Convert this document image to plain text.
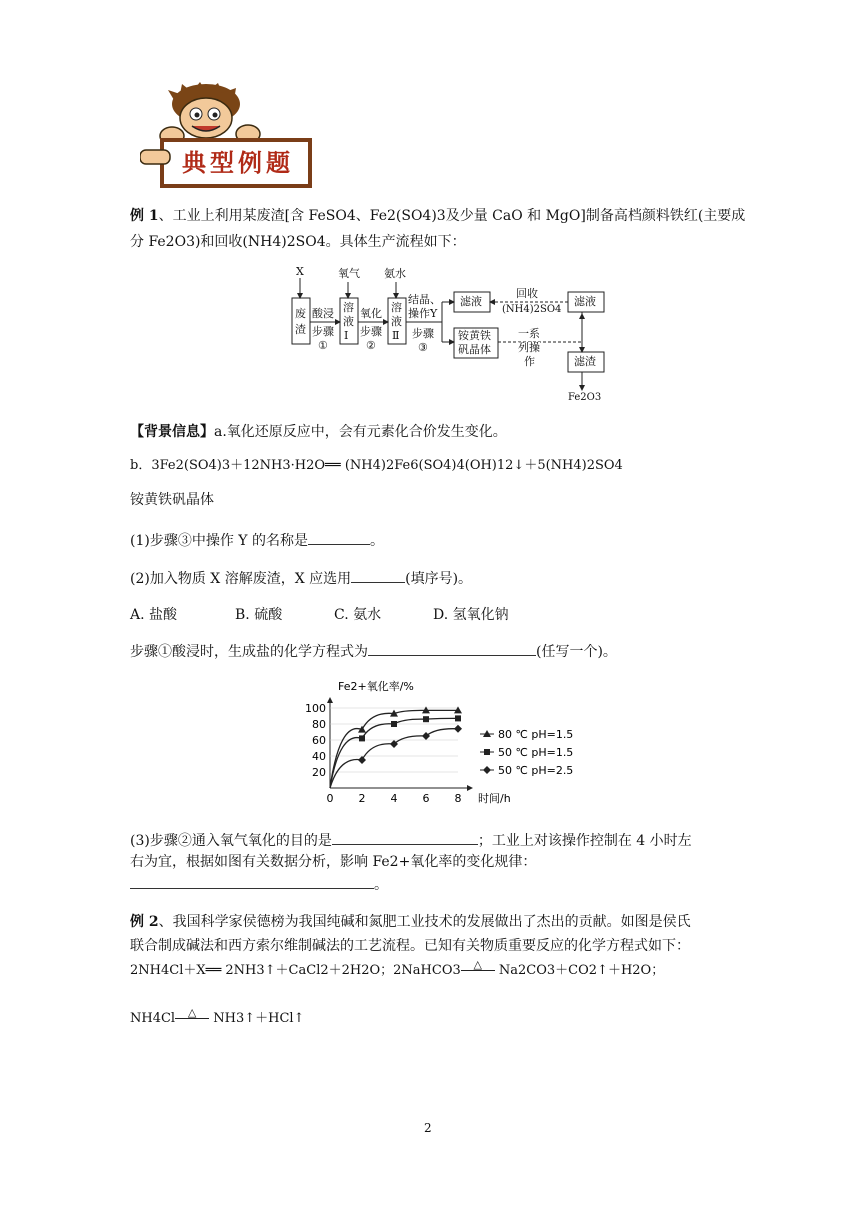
典型例题
例 1、工业上利用某废渣[含 FeSO4、Fe2(SO4)3及少量 CaO 和 MgO]制备高档颜料铁红(主要成
分 Fe2O3)和回收(NH4)2SO4。具体生产流程如下：
X	氧气 氨水
废
渣
酸浸
步骤
①
溶
液
Ⅰ
氧化
步骤
②
溶
液
Ⅱ
结晶、
操作Y
步骤
③
滤液
回收
(NH4)2SO4
滤液
铵黄铁
矾晶体
一系
列操
作	滤渣
Fe2O3
【背景信息】a.氧化还原反应中，会有元素化合价发生变化。
b．3Fe2(SO4)3＋12NH3·H2O══ (NH4)2Fe6(SO4)4(OH)12↓＋5(NH4)2SO4
铵黄铁矾晶体
(1)步骤③中操作 Y 的名称是	。
(2)加入物质 X 溶解废渣，X 应选用	(填序号)。
A. 盐酸	B. 硫酸	C. 氨水	D. 氢氧化钠
步骤①酸浸时，生成盐的化学方程式为	(任写一个)。
Fe2+氧化率/%
时间/h
0 2 4 6 8
20
40
60
80
100
80 ℃ pH=1.5
50 ℃ pH=1.5
50 ℃ pH=2.5
(3)步骤②通入氧气氧化的目的是	；工业上对该操作控制在 4 小时左
右为宜，根据如图有关数据分析，影响 Fe2+氧化率的变化规律：
。
例 2、我国科学家侯德榜为我国纯碱和氮肥工业技术的发展做出了杰出的贡献。如图是侯氏
联合制成碱法和西方索尔维制碱法的工艺流程。已知有关物质重要反应的化学方程式如下：
2NH4Cl＋X══ 2NH3↑＋CaCl2＋2H2O；2NaHCO3 △ Na2CO3＋CO2↑＋H2O；
NH4Cl △ NH3↑＋HCl↑
2
